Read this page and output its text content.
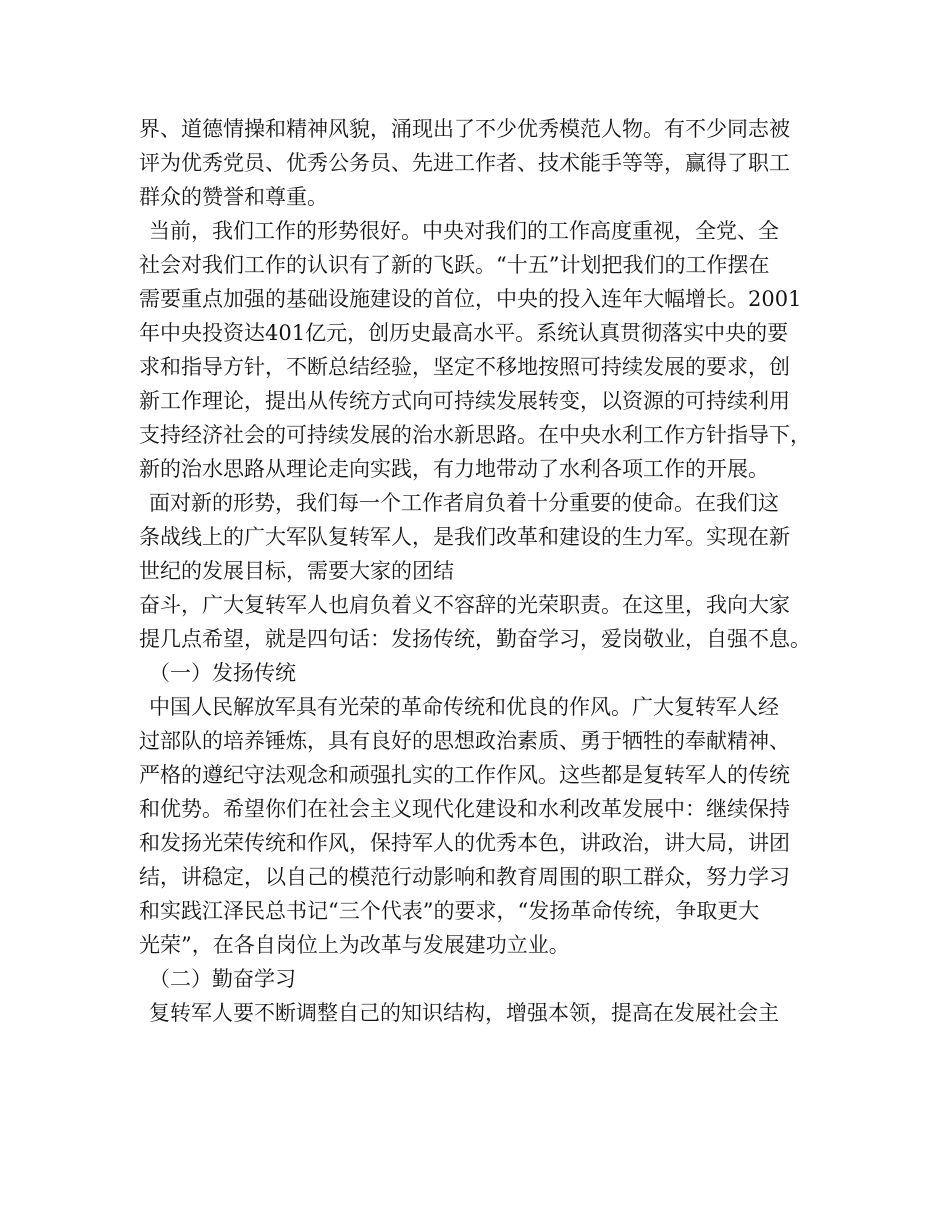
界、道德情操和精神风貌，涌现出了不少优秀模范人物。有不少同志被
评为优秀党员、优秀公务员、先进工作者、技术能手等等，赢得了职工
群众的赞誉和尊重。
当前，我们工作的形势很好。中央对我们的工作高度重视，全党、全
社会对我们工作的认识有了新的飞跃。“十五”计划把我们的工作摆在
需要重点加强的基础设施建设的首位，中央的投入连年大幅增长。2001
年中央投资达401亿元，创历史最高水平。系统认真贯彻落实中央的要
求和指导方针，不断总结经验，坚定不移地按照可持续发展的要求，创
新工作理论，提出从传统方式向可持续发展转变，以资源的可持续利用
支持经济社会的可持续发展的治水新思路。在中央水利工作方针指导下，
新的治水思路从理论走向实践，有力地带动了水利各项工作的开展。
面对新的形势，我们每一个工作者肩负着十分重要的使命。在我们这
条战线上的广大军队复转军人，是我们改革和建设的生力军。实现在新
世纪的发展目标，需要大家的团结
奋斗，广大复转军人也肩负着义不容辞的光荣职责。在这里，我向大家
提几点希望，就是四句话：发扬传统，勤奋学习，爱岗敬业，自强不息。
（一）发扬传统
中国人民解放军具有光荣的革命传统和优良的作风。广大复转军人经
过部队的培养锤炼，具有良好的思想政治素质、勇于牺牲的奉献精神、
严格的遵纪守法观念和顽强扎实的工作作风。这些都是复转军人的传统
和优势。希望你们在社会主义现代化建设和水利改革发展中：继续保持
和发扬光荣传统和作风，保持军人的优秀本色，讲政治，讲大局，讲团
结，讲稳定，以自己的模范行动影响和教育周围的职工群众，努力学习
和实践江泽民总书记“三个代表”的要求，“发扬革命传统，争取更大
光荣”，在各自岗位上为改革与发展建功立业。
（二）勤奋学习
复转军人要不断调整自己的知识结构，增强本领，提高在发展社会主
